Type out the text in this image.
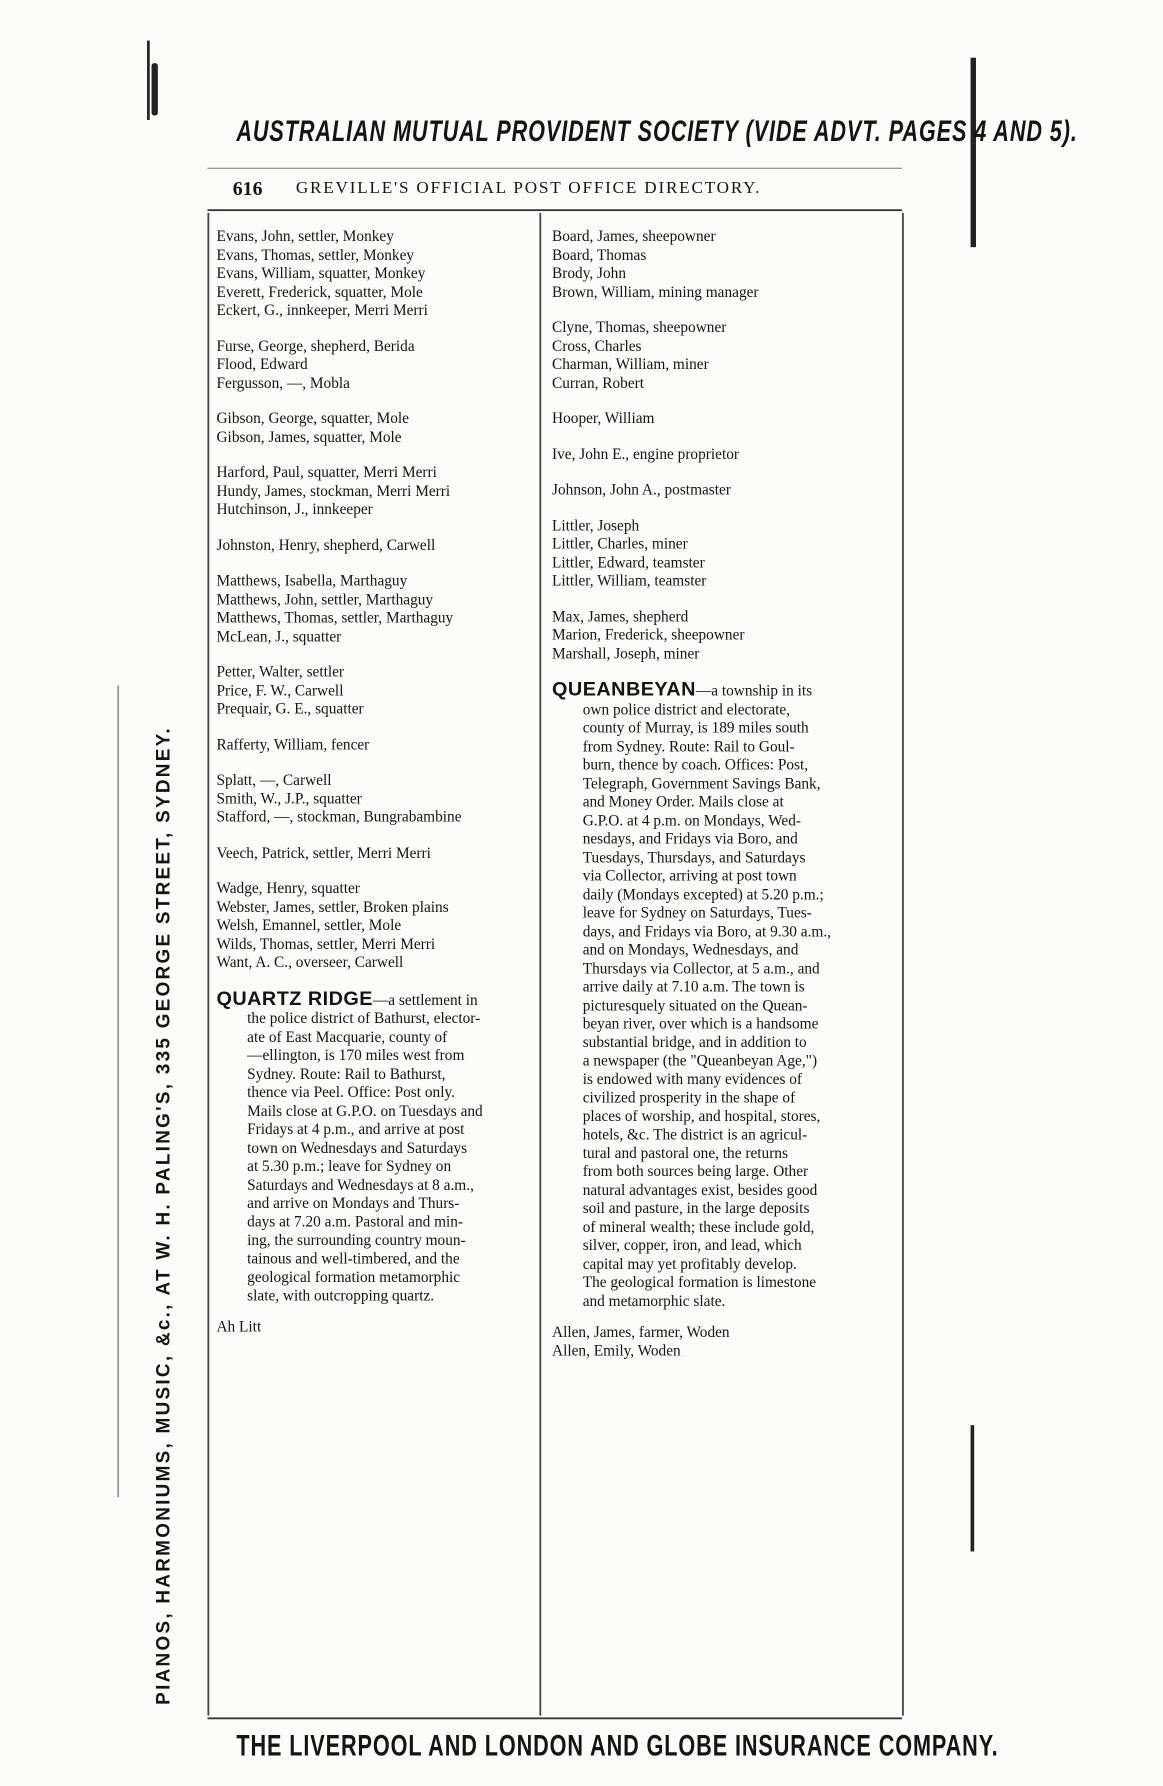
AUSTRALIAN MUTUAL PROVIDENT SOCIETY (VIDE ADVT. PAGES 4 AND 5).
PIANOS, HARMONIUMS, MUSIC, &c., AT W. H. PALING'S, 335 GEORGE STREET, SYDNEY.
THE LIVERPOOL AND LONDON AND GLOBE INSURANCE COMPANY.
616 GREVILLE'S OFFICIAL POST OFFICE DIRECTORY.
Evans, John, settler, Monkey
Evans, Thomas, settler, Monkey
Evans, William, squatter, Monkey
Everett, Frederick, squatter, Mole
Eckert, G., innkeeper, Merri Merri
Furse, George, shepherd, Berida
Flood, Edward
Fergusson, —, Mobla
Gibson, George, squatter, Mole
Gibson, James, squatter, Mole
Harford, Paul, squatter, Merri Merri
Hundy, James, stockman, Merri Merri
Hutchinson, J., innkeeper
Johnston, Henry, shepherd, Carwell
Matthews, Isabella, Marthaguy
Matthews, John, settler, Marthaguy
Matthews, Thomas, settler, Marthaguy
McLean, J., squatter
Petter, Walter, settler
Price, F. W., Carwell
Prequair, G. E., squatter
Rafferty, William, fencer
Splatt, —, Carwell
Smith, W., J.P., squatter
Stafford, —, stockman, Bungrabambine
Veech, Patrick, settler, Merri Merri
Wadge, Henry, squatter
Webster, James, settler, Broken plains
Welsh, Emannel, settler, Mole
Wilds, Thomas, settler, Merri Merri
Want, A. C., overseer, Carwell
QUARTZ RIDGE—a settlement in
the police district of Bathurst, elector-
ate of East Macquarie, county of
—ellington, is 170 miles west from
Sydney. Route: Rail to Bathurst,
thence via Peel. Office: Post only.
Mails close at G.P.O. on Tuesdays and
Fridays at 4 p.m., and arrive at post
town on Wednesdays and Saturdays
at 5.30 p.m.; leave for Sydney on
Saturdays and Wednesdays at 8 a.m.,
and arrive on Mondays and Thurs-
days at 7.20 a.m. Pastoral and min-
ing, the surrounding country moun-
tainous and well-timbered, and the
geological formation metamorphic
slate, with outcropping quartz.
Ah Litt
Board, James, sheepowner
Board, Thomas
Brody, John
Brown, William, mining manager
Clyne, Thomas, sheepowner
Cross, Charles
Charman, William, miner
Curran, Robert
Hooper, William
Ive, John E., engine proprietor
Johnson, John A., postmaster
Littler, Joseph
Littler, Charles, miner
Littler, Edward, teamster
Littler, William, teamster
Max, James, shepherd
Marion, Frederick, sheepowner
Marshall, Joseph, miner
QUEANBEYAN—a township in its
own police district and electorate,
county of Murray, is 189 miles south
from Sydney. Route: Rail to Goul-
burn, thence by coach. Offices: Post,
Telegraph, Government Savings Bank,
and Money Order. Mails close at
G.P.O. at 4 p.m. on Mondays, Wed-
nesdays, and Fridays via Boro, and
Tuesdays, Thursdays, and Saturdays
via Collector, arriving at post town
daily (Mondays excepted) at 5.20 p.m.;
leave for Sydney on Saturdays, Tues-
days, and Fridays via Boro, at 9.30 a.m.,
and on Mondays, Wednesdays, and
Thursdays via Collector, at 5 a.m., and
arrive daily at 7.10 a.m. The town is
picturesquely situated on the Quean-
beyan river, over which is a handsome
substantial bridge, and in addition to
a newspaper (the "Queanbeyan Age,")
is endowed with many evidences of
civilized prosperity in the shape of
places of worship, and hospital, stores,
hotels, &c. The district is an agricul-
tural and pastoral one, the returns
from both sources being large. Other
natural advantages exist, besides good
soil and pasture, in the large deposits
of mineral wealth; these include gold,
silver, copper, iron, and lead, which
capital may yet profitably develop.
The geological formation is limestone
and metamorphic slate.
Allen, James, farmer, Woden
Allen, Emily, Woden
